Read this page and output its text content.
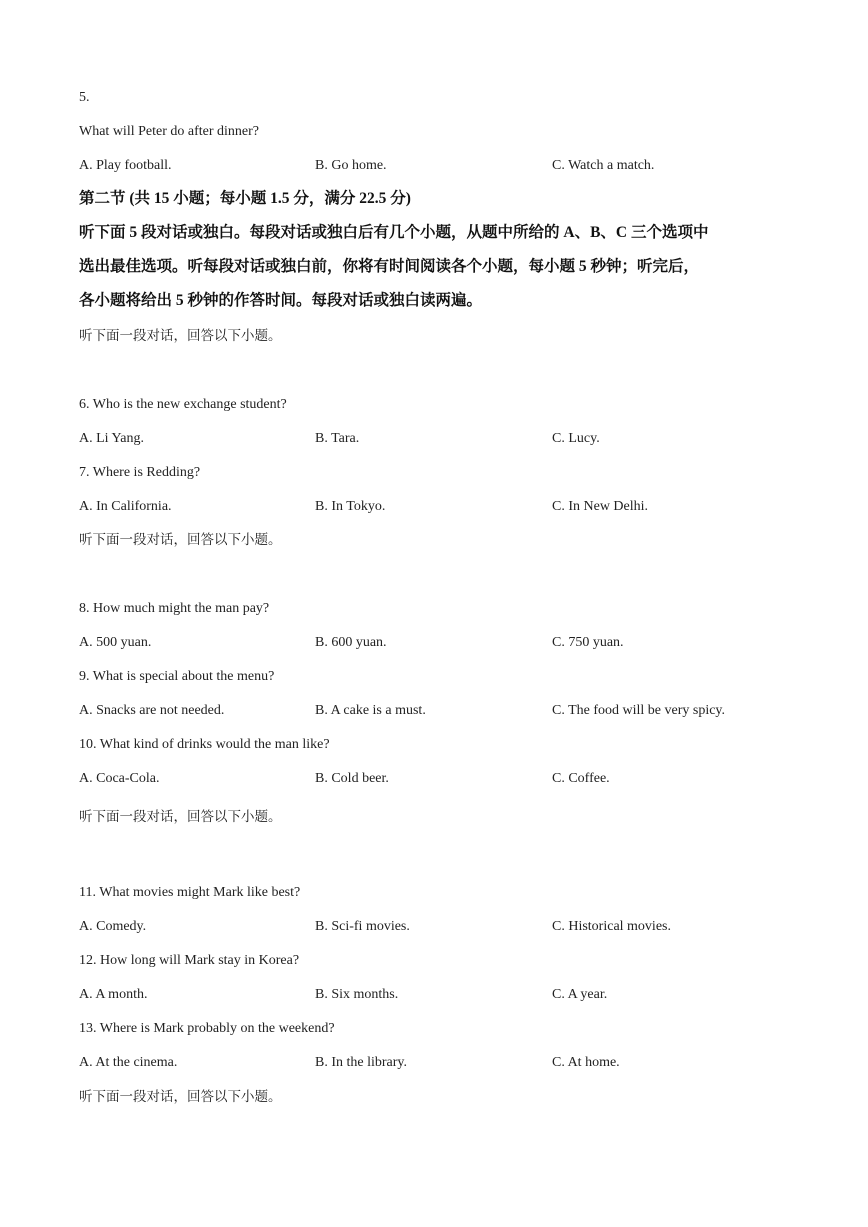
5.
What will Peter do after dinner?
A. Play football.	B. Go home.	C. Watch a match.
第二节 (共 15 小题；每小题 1.5 分，满分 22.5 分)
听下面 5 段对话或独白。每段对话或独白后有几个小题，从题中所给的 A、B、C 三个选项中
选出最佳选项。听每段对话或独白前，你将有时间阅读各个小题，每小题 5 秒钟；听完后，
各小题将给出 5 秒钟的作答时间。每段对话或独白读两遍。
听下面一段对话，回答以下小题。
6. Who is the new exchange student?
A. Li Yang.	B. Tara.	C. Lucy.
7. Where is Redding?
A. In California.	B. In Tokyo.	C. In New Delhi.
听下面一段对话，回答以下小题。
8. How much might the man pay?
A. 500 yuan.	B. 600 yuan.	C. 750 yuan.
9. What is special about the menu?
A. Snacks are not needed.	B. A cake is a must.	C. The food will be very spicy.
10. What kind of drinks would the man like?
A. Coca-Cola.	B. Cold beer.	C. Coffee.
听下面一段对话，回答以下小题。
11. What movies might Mark like best?
A. Comedy.	B. Sci-fi movies.	C. Historical movies.
12. How long will Mark stay in Korea?
A. A month.	B. Six months.	C. A year.
13. Where is Mark probably on the weekend?
A. At the cinema.	B. In the library.	C. At home.
听下面一段对话，回答以下小题。
